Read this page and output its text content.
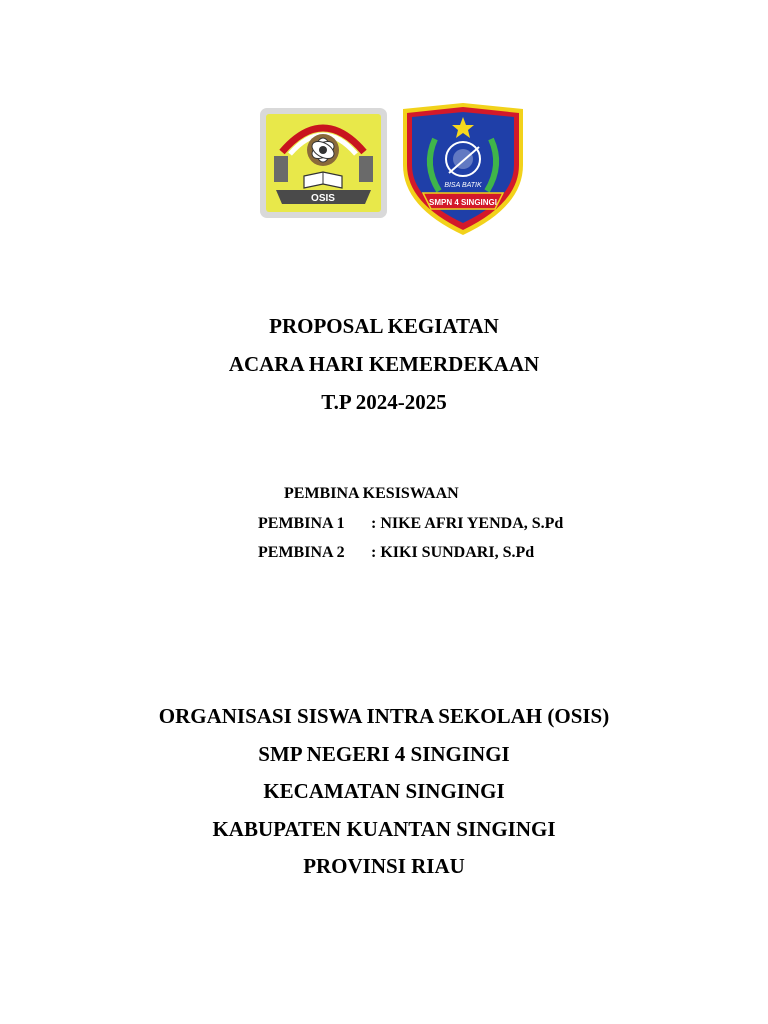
OSIS
BISA BATIK
SMPN 4 SINGINGI
PROPOSAL KEGIATAN
ACARA HARI KEMERDEKAAN
T.P 2024-2025
PEMBINA KESISWAAN
PEMBINA 1 : NIKE AFRI YENDA, S.Pd
PEMBINA 2 : KIKI SUNDARI, S.Pd
ORGANISASI SISWA INTRA SEKOLAH (OSIS)
SMP NEGERI 4 SINGINGI
KECAMATAN SINGINGI
KABUPATEN KUANTAN SINGINGI
PROVINSI RIAU
